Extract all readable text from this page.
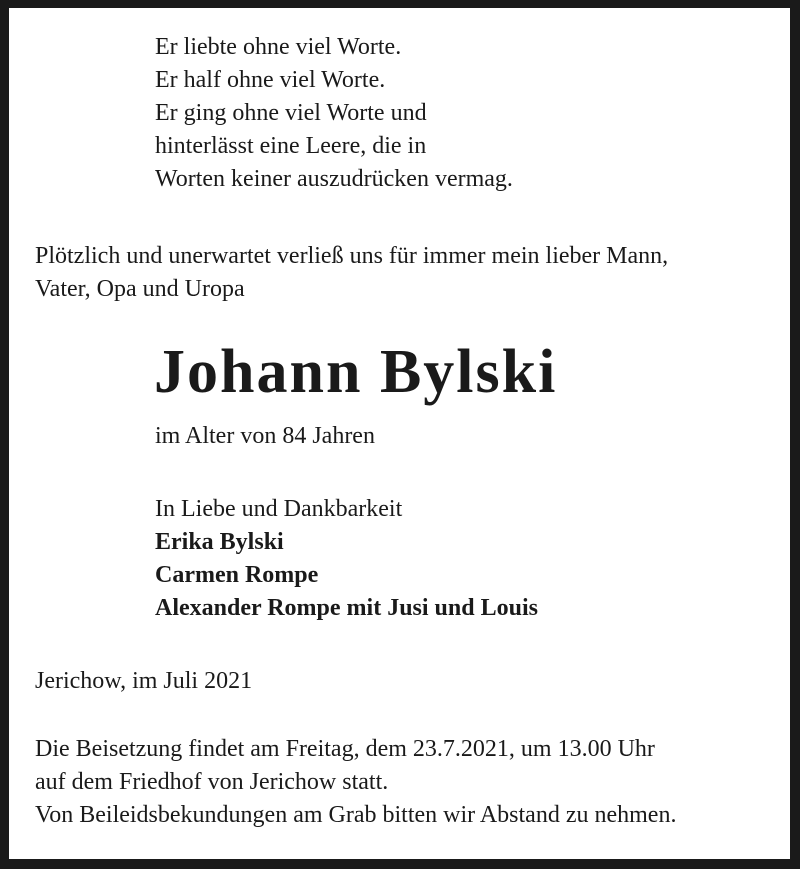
Er liebte ohne viel Worte.

Er half ohne viel Worte.

Er ging ohne viel Worte und

hinterlässt eine Leere, die in

Worten keiner auszudrücken vermag.

Plötzlich und unerwartet verließ uns für immer mein lieber Mann,

Vater, Opa und Uropa

Johann Bylski

im Alter von 84 Jahren

In Liebe und Dankbarkeit

Erika Bylski

Carmen Rompe

Alexander Rompe mit Jusi und Louis

Jerichow, im Juli 2021

Die Beisetzung findet am Freitag, dem 23.7.2021, um 13.00 Uhr

auf dem Friedhof von Jerichow statt.

Von Beileidsbekundungen am Grab bitten wir Abstand zu nehmen.
